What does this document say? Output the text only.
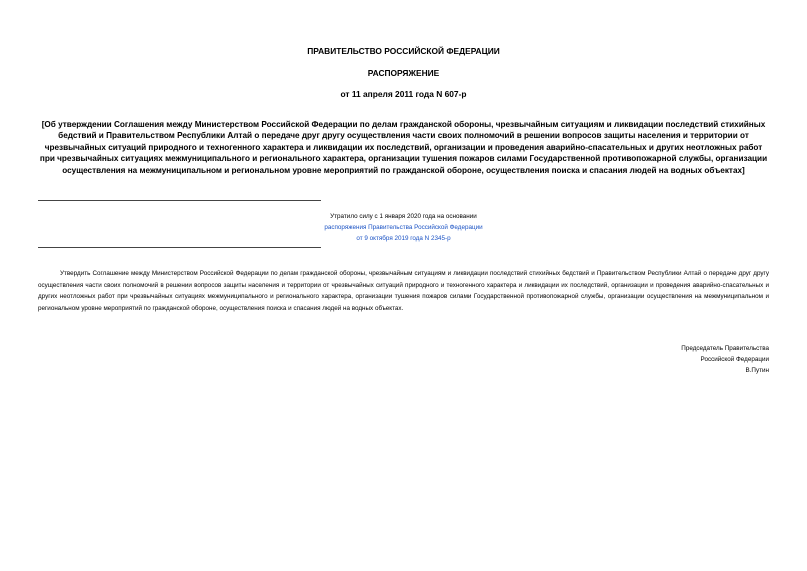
ПРАВИТЕЛЬСТВО РОССИЙСКОЙ ФЕДЕРАЦИИ

РАСПОРЯЖЕНИЕ

от 11 апреля 2011 года N 607-р

[Об утверждении Соглашения между Министерством Российской Федерации по делам гражданской обороны, чрезвычайным ситуациям и ликвидации последствий стихийных бедствий и Правительством Республики Алтай о передаче друг другу осуществления части своих полномочий в решении вопросов защиты населения и территории от чрезвычайных ситуаций природного и техногенного характера и ликвидации их последствий, организации и проведения аварийно-спасательных и других неотложных работ при чрезвычайных ситуациях межмуниципального и регионального характера, организации тушения пожаров силами Государственной противопожарной службы, организации осуществления на межмуниципальном и региональном уровне мероприятий по гражданской обороне, осуществления поиска и спасания людей на водных объектах]

Утратило силу с 1 января 2020 года на основании
распоряжения Правительства Российской Федерации
от 9 октября 2019 года N 2345-р

Утвердить Соглашение между Министерством Российской Федерации по делам гражданской обороны, чрезвычайным ситуациям и ликвидации последствий стихийных бедствий и Правительством Республики Алтай о передаче друг другу осуществления части своих полномочий в решении вопросов защиты населения и территории от чрезвычайных ситуаций природного и техногенного характера и ликвидации их последствий, организации и проведения аварийно-спасательных и других неотложных работ при чрезвычайных ситуациях межмуниципального и регионального характера, организации тушения пожаров силами Государственной противопожарной службы, организации осуществления на межмуниципальном и региональном уровне мероприятий по гражданской обороне, осуществления поиска и спасания людей на водных объектах.

Председатель Правительства
Российской Федерации
В.Путин
